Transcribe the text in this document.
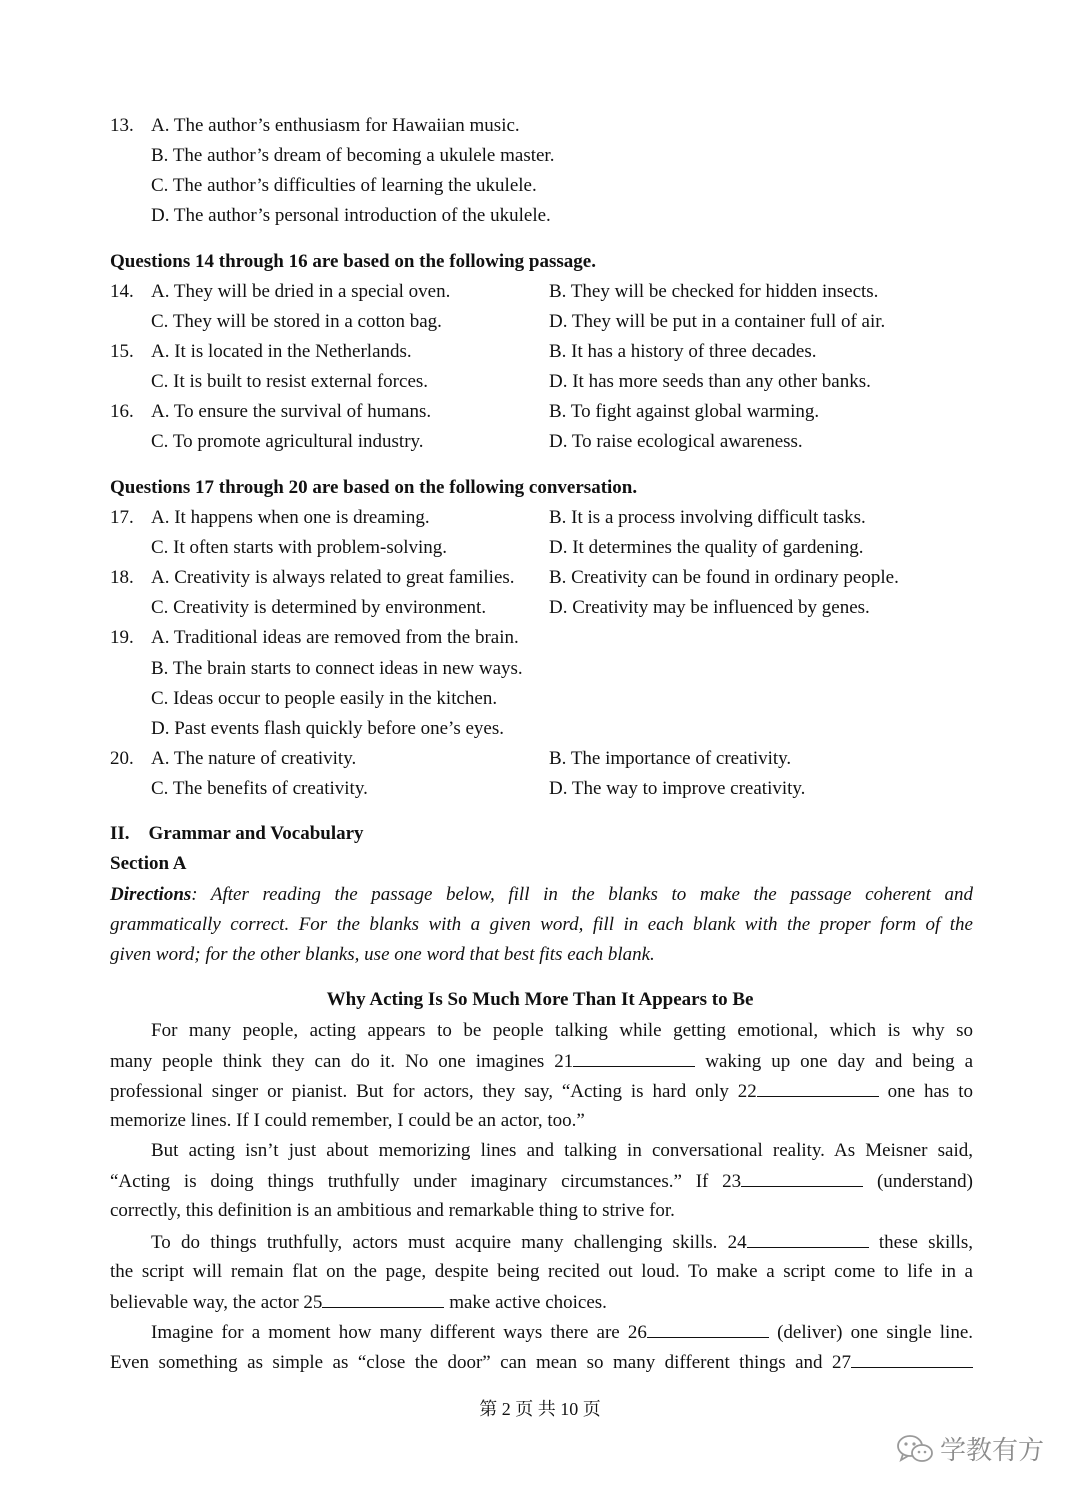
13. A. The author’s enthusiasm for Hawaiian music.
B. The author’s dream of becoming a ukulele master.
C. The author’s difficulties of learning the ukulele.
D. The author’s personal introduction of the ukulele.
Questions 14 through 16 are based on the following passage.
14. A. They will be dried in a special oven.	B. They will be checked for hidden insects.
C. They will be stored in a cotton bag.	D. They will be put in a container full of air.
15. A. It is located in the Netherlands.	B. It has a history of three decades.
C. It is built to resist external forces.	D. It has more seeds than any other banks.
16. A. To ensure the survival of humans.	B. To fight against global warming.
C. To promote agricultural industry.	D. To raise ecological awareness.
Questions 17 through 20 are based on the following conversation.
17. A. It happens when one is dreaming.	B. It is a process involving difficult tasks.
C. It often starts with problem-solving.	D. It determines the quality of gardening.
18. A. Creativity is always related to great families. B. Creativity can be found in ordinary people.
C. Creativity is determined by environment.	D. Creativity may be influenced by genes.
19. A. Traditional ideas are removed from the brain.
B. The brain starts to connect ideas in new ways.
C. Ideas occur to people easily in the kitchen.
D. Past events flash quickly before one’s eyes.
20. A. The nature of creativity.	B. The importance of creativity.
C. The benefits of creativity.	D. The way to improve creativity.
II. Grammar and Vocabulary
Section A
Directions: After reading the passage below, fill in the blanks to make the passage coherent and
grammatically correct. For the blanks with a given word, fill in each blank with the proper form of the
given word; for the other blanks, use one word that best fits each blank.
Why Acting Is So Much More Than It Appears to Be
For many people, acting appears to be people talking while getting emotional, which is why so
many people think they can do it. No one imagines 21	waking up one day and being a
professional singer or pianist. But for actors, they say, “Acting is hard only 22	one has to
memorize lines. If I could remember, I could be an actor, too.”
But acting isn’t just about memorizing lines and talking in conversational reality. As Meisner said,
“Acting is doing things truthfully under imaginary circumstances.” If 23	(understand)
correctly, this definition is an ambitious and remarkable thing to strive for.
To do things truthfully, actors must acquire many challenging skills. 24	these skills,
the script will remain flat on the page, despite being recited out loud. To make a script come to life in a
believable way, the actor 25	make active choices.
Imagine for a moment how many different ways there are 26	(deliver) one single line.
Even something as simple as “close the door” can mean so many different things and 27
第 2 页 共 10 页
学教有方
